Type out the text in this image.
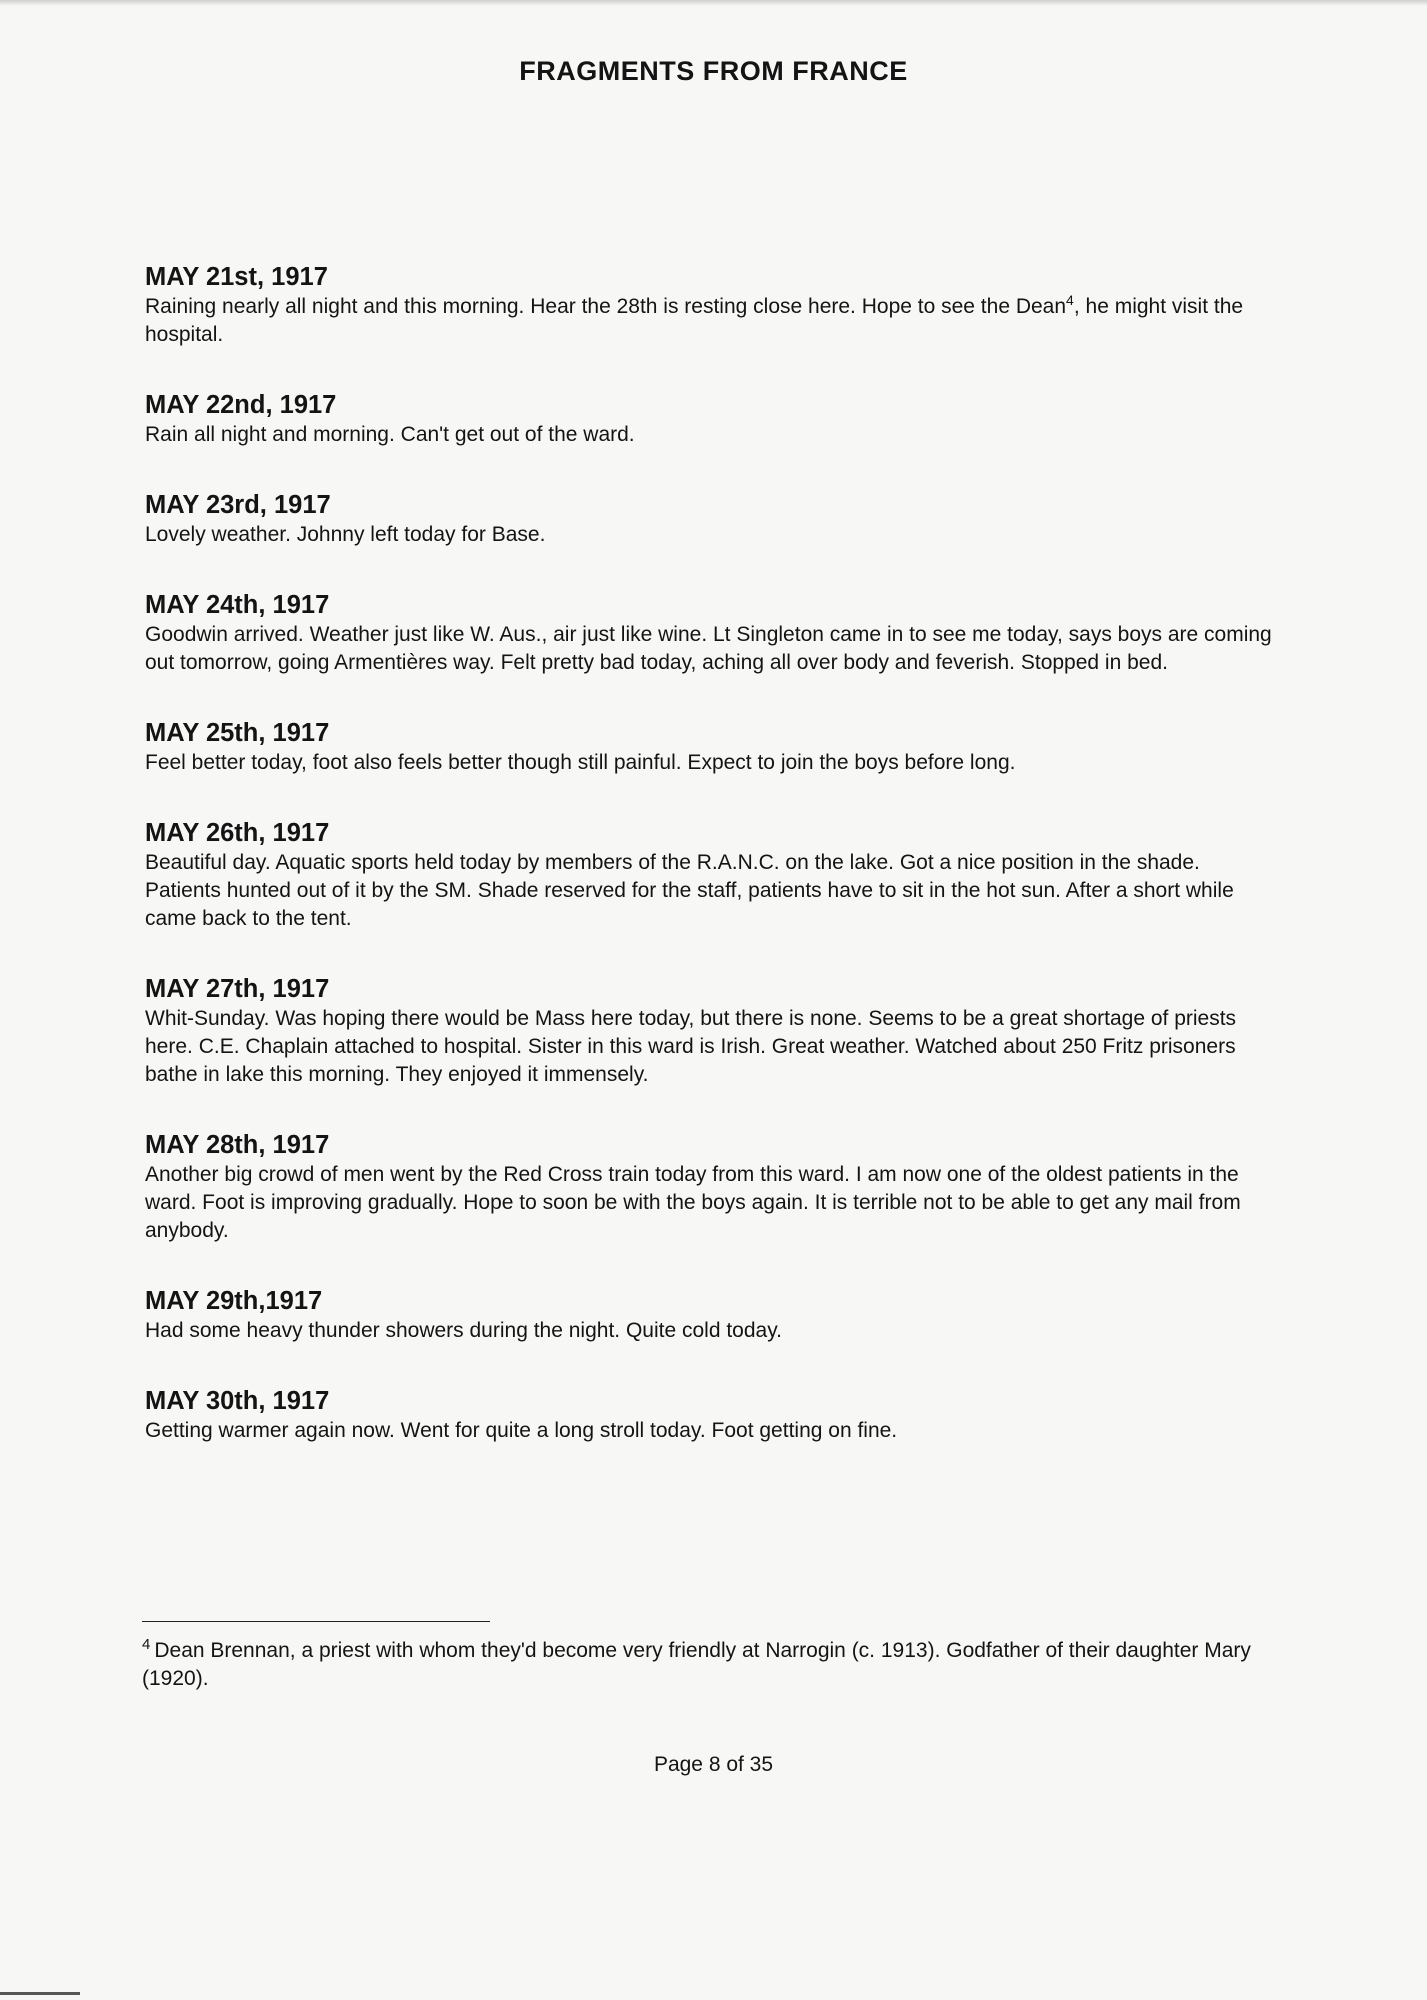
FRAGMENTS FROM FRANCE
MAY 21st, 1917
Raining nearly all night and this morning. Hear the 28th is resting close here. Hope to see the Dean$^4$, he might visit the hospital.
MAY 22nd, 1917
Rain all night and morning. Can't get out of the ward.
MAY 23rd, 1917
Lovely weather. Johnny left today for Base.
MAY 24th, 1917
Goodwin arrived. Weather just like W. Aus., air just like wine. Lt Singleton came in to see me today, says boys are coming out tomorrow, going Armentières way. Felt pretty bad today, aching all over body and feverish. Stopped in bed.
MAY 25th, 1917
Feel better today, foot also feels better though still painful. Expect to join the boys before long.
MAY 26th, 1917
Beautiful day. Aquatic sports held today by members of the R.A.N.C. on the lake. Got a nice position in the shade. Patients hunted out of it by the SM. Shade reserved for the staff, patients have to sit in the hot sun. After a short while came back to the tent.
MAY 27th, 1917
Whit-Sunday. Was hoping there would be Mass here today, but there is none. Seems to be a great shortage of priests here. C.E. Chaplain attached to hospital. Sister in this ward is Irish. Great weather. Watched about 250 Fritz prisoners bathe in lake this morning. They enjoyed it immensely.
MAY 28th, 1917
Another big crowd of men went by the Red Cross train today from this ward. I am now one of the oldest patients in the ward. Foot is improving gradually. Hope to soon be with the boys again. It is terrible not to be able to get any mail from anybody.
MAY 29th,1917
Had some heavy thunder showers during the night. Quite cold today.
MAY 30th, 1917
Getting warmer again now. Went for quite a long stroll today. Foot getting on fine.
$^4$ Dean Brennan, a priest with whom they'd become very friendly at Narrogin (c. 1913). Godfather of their daughter Mary (1920).
Page 8 of 35
